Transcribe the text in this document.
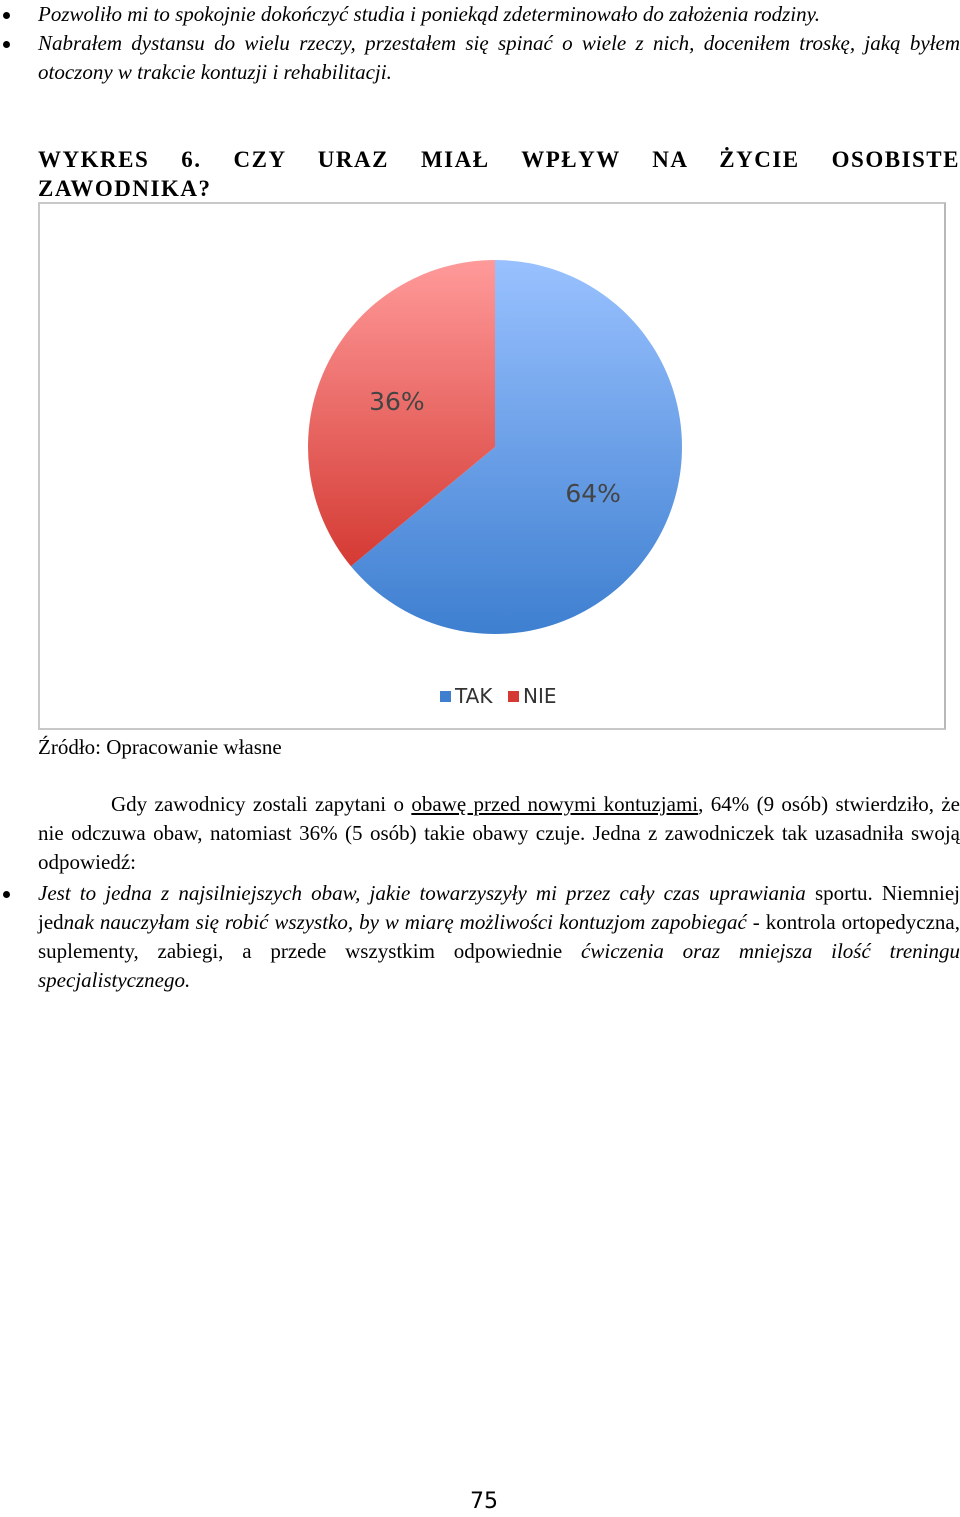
Pozwoliło mi to spokojnie dokończyć studia i poniekąd zdeterminowało do założenia rodziny.
Nabrałem dystansu do wielu rzeczy, przestałem się spinać o wiele z nich, doceniłem troskę, jaką byłem otoczony w trakcie kontuzji i rehabilitacji.
WYKRES 6. CZY URAZ MIAŁ WPŁYW NA ŻYCIE OSOBISTE ZAWODNIKA?
64%
36%
TAK NIE

Źródło: Opracowanie własne

Gdy zawodnicy zostali zapytani o obawę przed nowymi kontuzjami, 64% (9 osób) stwierdziło, że nie odczuwa obaw, natomiast 36% (5 osób) takie obawy czuje. Jedna z zawodniczek tak uzasadniła swoją odpowiedź:

Jest to jedna z najsilniejszych obaw, jakie towarzyszyły mi przez cały czas uprawiania sportu. Niemniej jednak nauczyłam się robić wszystko, by w miarę możliwości kontuzjom zapobiegać - kontrola ortopedyczna, suplementy, zabiegi, a przede wszystkim odpowiednie ćwiczenia oraz mniejsza ilość treningu specjalistycznego.

75
